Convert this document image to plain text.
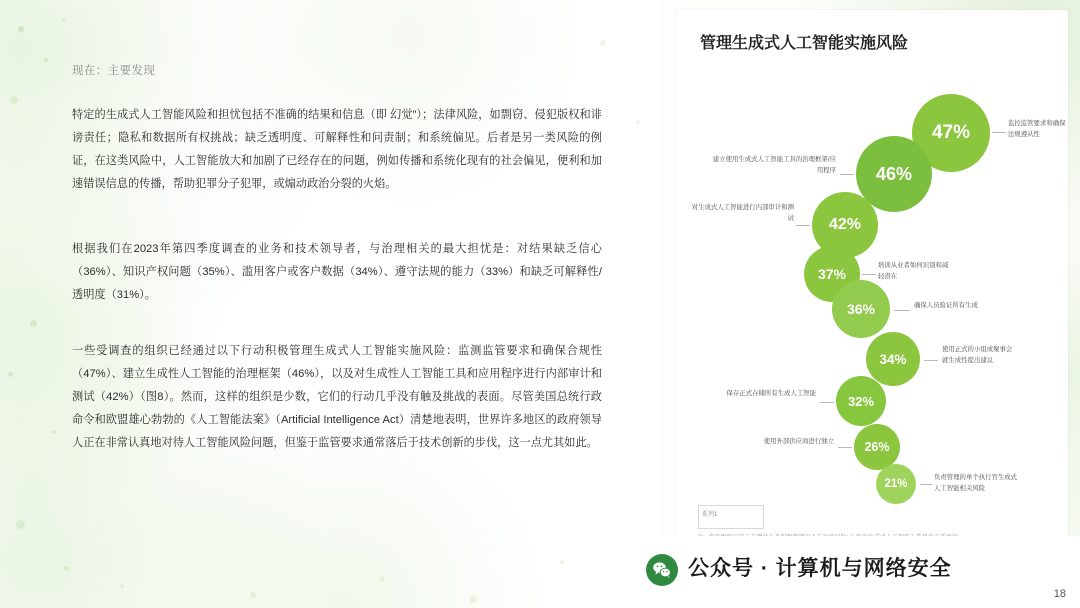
现在：主要发现
特定的生成式人工智能风险和担忧包括不准确的结果和信息（即 幻觉”）；法律风险，如剽窃、侵犯版权和诽谤责任；隐私和数据所有权挑战；缺乏透明度、可解释性和问责制；和系统偏见。后者是另一类风险的例证，在这类风险中，人工智能放大和加剧了已经存在的问题，例如传播和系统化现有的社会偏见，便利和加速错误信息的传播，帮助犯罪分子犯罪，或煽动政治分裂的火焰。
根据我们在2023年第四季度调查的业务和技术领导者，与治理相关的最大担忧是：对结果缺乏信心（36%）、知识产权问题（35%）、滥用客户或客户数据（34%）、遵守法规的能力（33%）和缺乏可解释性/透明度（31%）。
一些受调查的组织已经通过以下行动积极管理生成式人工智能实施风险：监测监管要求和确保合规性（47%）、建立生成性人工智能的治理框架（46%），以及对生成性人工智能工具和应用程序进行内部审计和测试（42%）（图8）。然而，这样的组织是少数，它们的行动几乎没有触及挑战的表面。尽管美国总统行政命令和欧盟雄心勃勃的《人工智能法案》（Artificial Intelligence Act）清楚地表明，世界许多地区的政府领导人正在非常认真地对待人工智能风险问题，但鉴于监管要求通常落后于技术创新的步伐，这一点尤其如此。
管理生成式人工智能实施风险
47%	监控监管要求和确保法规遵从性
46%
建立使用生成式人工智能工具的治理框架/应用程序
42%
对生成式人工智能进行内部审计和测试
37%
培训从业者如何识别和减轻潜在
36%	确保人员验证所有生成
34%
使用正式的小组或聚事会就生成性提出建议
32%
保存正式存储所有生成人工智能
26%
使用外部供应商进行独立
21%
负责管理的单个执行官生成式人工智能相关风险
系列1
公众号 · 计算机与网络安全
18
